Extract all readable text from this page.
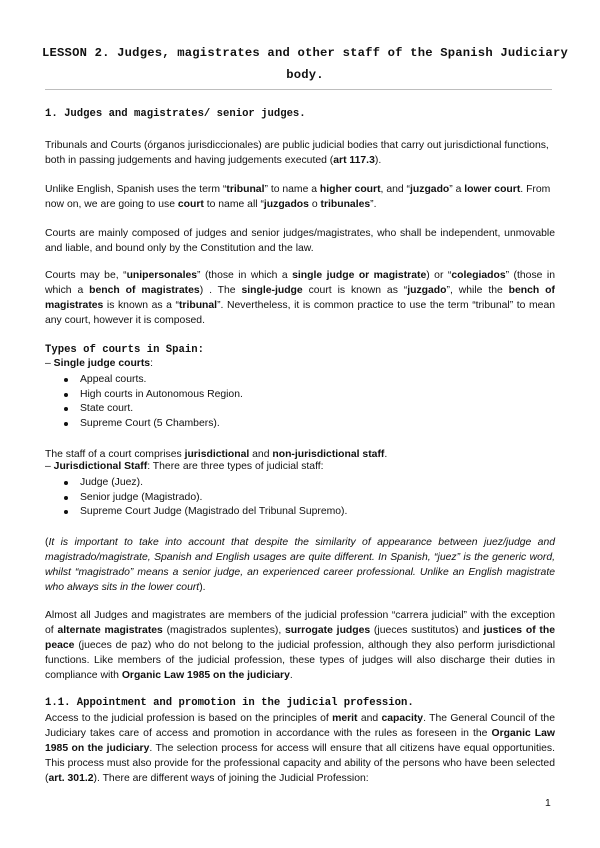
LESSON 2. Judges, magistrates and other staff of the Spanish Judiciary body.
1. Judges and magistrates/ senior judges.

Tribunals and Courts (órganos jurisdiccionales) are public judicial bodies that carry out jurisdictional functions, both in passing judgements and having judgements executed (art 117.3).

Unlike English, Spanish uses the term “tribunal” to name a higher court, and “juzgado” a lower court. From now on, we are going to use court to name all “juzgados o tribunales”.

Courts are mainly composed of judges and senior judges/magistrates, who shall be independent, unmovable and liable, and bound only by the Constitution and the law.

Courts may be, “unipersonales” (those in which a single judge or magistrate) or “colegiados” (those in which a bench of magistrates) . The single-judge court is known as “juzgado”, while the bench of magistrates is known as a “tribunal”. Nevertheless, it is common practice to use the term “tribunal” to mean any court, however it is composed.

Types of courts in Spain:
– Single judge courts:
Appeal courts.
High courts in Autonomous Region.
State court.
Supreme Court (5 Chambers).

The staff of a court comprises jurisdictional and non-jurisdictional staff.

– Jurisdictional Staff: There are three types of judicial staff:
Judge (Juez).
Senior judge (Magistrado).
Supreme Court Judge (Magistrado del Tribunal Supremo).

(It is important to take into account that despite the similarity of appearance between juez/judge and magistrado/magistrate, Spanish and English usages are quite different. In Spanish, “juez” is the generic word, whilst “magistrado” means a senior judge, an experienced career professional. Unlike an English magistrate who always sits in the lower court).

Almost all Judges and magistrates are members of the judicial profession “carrera judicial” with the exception of alternate magistrates (magistrados suplentes), surrogate judges (jueces sustitutos) and justices of the peace (jueces de paz) who do not belong to the judicial profession, although they also perform jurisdictional functions. Like members of the judicial profession, these types of judges will also discharge their duties in compliance with Organic Law 1985 on the judiciary.

1.1. Appointment and promotion in the judicial profession.

Access to the judicial profession is based on the principles of merit and capacity. The General Council of the Judiciary takes care of access and promotion in accordance with the rules as foreseen in the Organic Law 1985 on the judiciary. The selection process for access will ensure that all citizens have equal opportunities. This process must also provide for the professional capacity and ability of the persons who have been selected (art. 301.2). There are different ways of joining the Judicial Profession:

1
